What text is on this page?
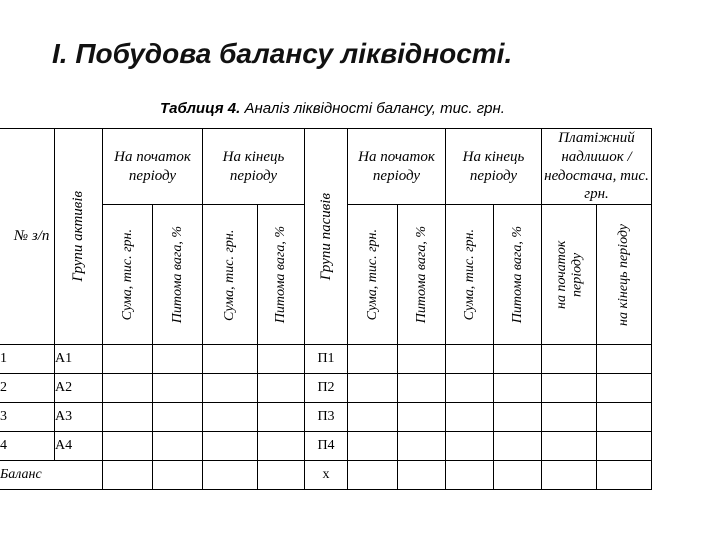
І. Побудова балансу ліквідності.

Таблиця 4. Аналіз ліквідності балансу, тис. грн.

№ з/п	Групи активів	На початок періоду		На кінець періоду		Групи пасивів	На початок періоду		На кінець періоду		Платіжний надлишок / недостача, тис. грн.	

		Сума, тис. грн.	Питома вага, %	Сума, тис. грн.	Питома вага, %		Сума, тис. грн.	Питома вага, %	Сума, тис. грн.	Питома вага, %	на початок періоду	на кінець періоду

1	А1					П1						
2	А2					П2						
3	А3					П3						
4	А4					П4						
Баланс						х						
